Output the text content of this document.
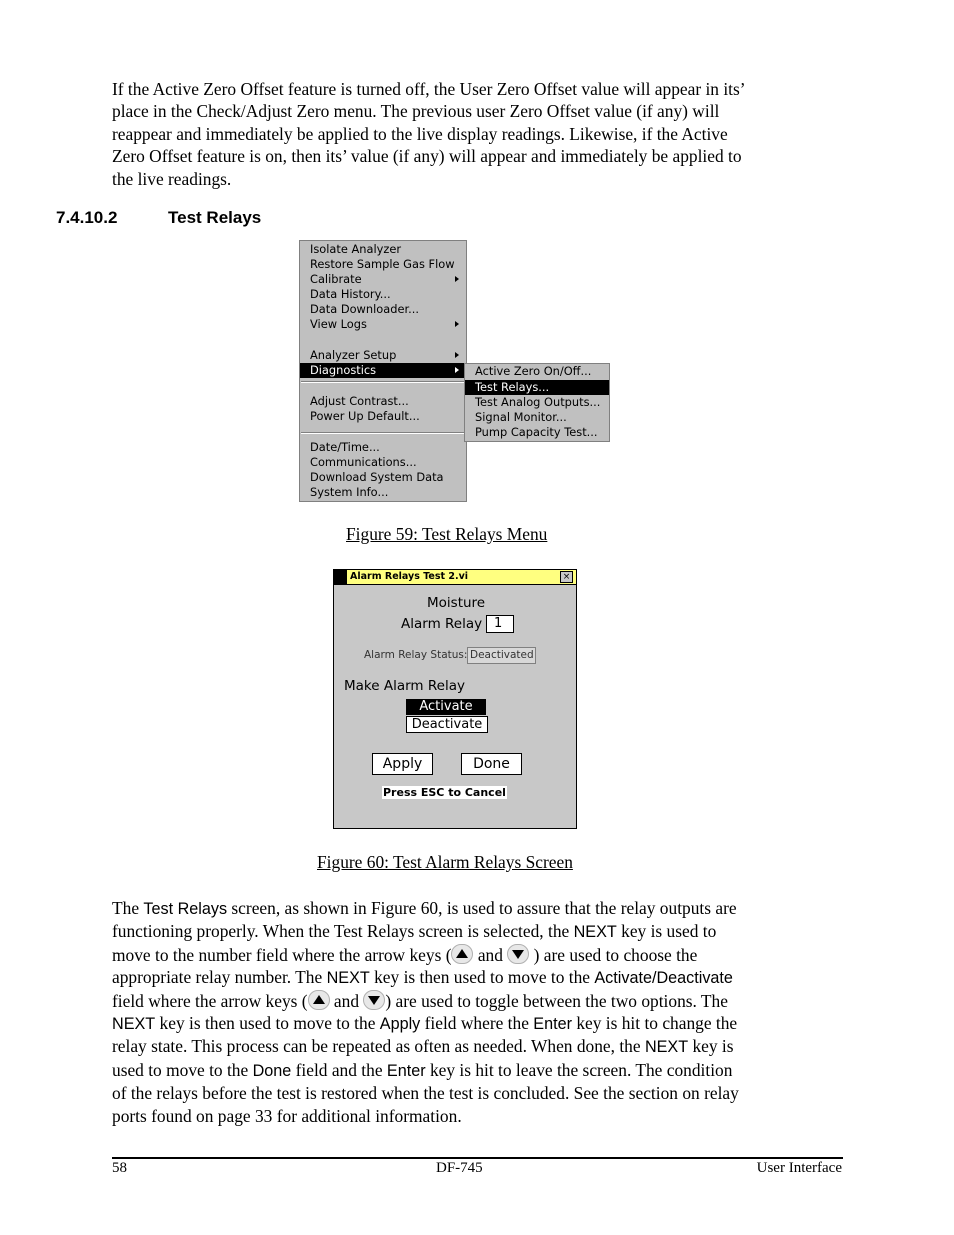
If the Active Zero Offset feature is turned off, the User Zero Offset value will appear in its’
place in the Check/Adjust Zero menu. The previous user Zero Offset value (if any) will
reappear and immediately be applied to the live display readings. Likewise, if the Active
Zero Offset feature is on, then its’ value (if any) will appear and immediately be applied to
the live readings.
7.4.10.2	Test Relays
Isolate Analyzer
Restore Sample Gas Flow
Calibrate
Data History...
Data Downloader...
View Logs
Analyzer Setup
Diagnostics
Adjust Contrast...
Power Up Default...
Date/Time...
Communications...
Download System Data
System Info...
Active Zero On/Off...
Test Relays...
Test Analog Outputs...
Signal Monitor...
Pump Capacity Test...
Figure 59: Test Relays Menu
Alarm Relays Test 2.vi	×
Moisture
Alarm Relay 1
Alarm Relay Status: Deactivated
Make Alarm Relay
Activate
Deactivate
Apply	Done
Press ESC to Cancel
Figure 60: Test Alarm Relays Screen
The Test Relays screen, as shown in Figure 60, is used to assure that the relay outputs are
functioning properly. When the Test Relays screen is selected, the NEXT key is used to
move to the number field where the arrow keys (
and
) are used to choose the
appropriate relay number. The NEXT key is then used to move to the Activate/Deactivate
field where the arrow keys (
and
) are used to toggle between the two options. The
NEXT key is then used to move to the Apply field where the Enter key is hit to change the
relay state. This process can be repeated as often as needed. When done, the NEXT key is
used to move to the Done field and the Enter key is hit to leave the screen. The condition
of the relays before the test is restored when the test is concluded. See the section on relay
ports found on page 33 for additional information.
58	DF-745	User Interface
